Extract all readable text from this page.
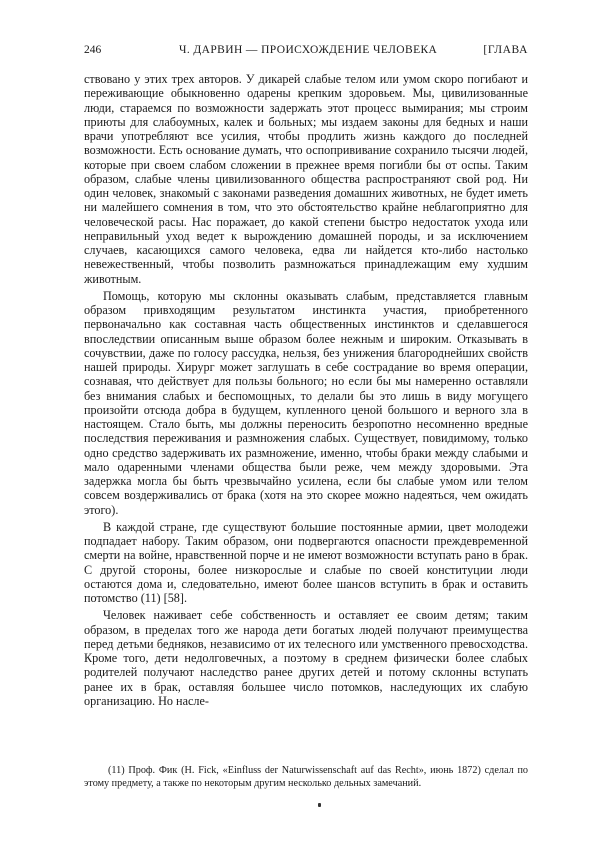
246	Ч. ДАРВИН — ПРОИСХОЖДЕНИЕ ЧЕЛОВЕКА	[ГЛАВА

ствовано у этих трех авторов. У дикарей слабые телом или умом скоро погибают и переживающие обыкновенно одарены крепким здоровьем. Мы, цивилизованные люди, стараемся по возможности задержать этот процесс вымирания; мы строим приюты для слабоумных, калек и больных; мы издаем законы для бедных и наши врачи употребляют все усилия, чтобы продлить жизнь каждого до последней возможности. Есть основание думать, что оспопрививание сохранило тысячи людей, которые при своем слабом сложении в прежнее время погибли бы от оспы. Таким образом, слабые члены цивилизованного общества распространяют свой род. Ни один человек, знакомый с законами разведения домашних животных, не будет иметь ни малейшего сомнения в том, что это обстоятельство крайне неблагоприятно для человеческой расы. Нас поражает, до какой степени быстро недостаток ухода или неправильный уход ведет к вырождению домашней породы, и за исключением случаев, касающихся самого человека, едва ли найдется кто-либо настолько невежественный, чтобы позволить размножаться принадлежащим ему худшим животным.

Помощь, которую мы склонны оказывать слабым, представляется главным образом привходящим результатом инстинкта участия, приобретенного первоначально как составная часть общественных инстинктов и сделавшегося впоследствии описанным выше образом более нежным и широким. Отказывать в сочувствии, даже по голосу рассудка, нельзя, без унижения благороднейших свойств нашей природы. Хирург может заглушать в себе сострадание во время операции, сознавая, что действует для пользы больного; но если бы мы намеренно оставляли без внимания слабых и беспомощных, то делали бы это лишь в виду могущего произойти отсюда добра в будущем, купленного ценой большого и верного зла в настоящем. Стало быть, мы должны переносить безропотно несомненно вредные последствия переживания и размножения слабых. Существует, повидимому, только одно средство задерживать их размножение, именно, чтобы браки между слабыми и мало одаренными членами общества были реже, чем между здоровыми. Эта задержка могла бы быть чрезвычайно усилена, если бы слабые умом или телом совсем воздерживались от брака (хотя на это скорее можно надеяться, чем ожидать этого).

В каждой стране, где существуют большие постоянные армии, цвет молодежи подпадает набору. Таким образом, они подвергаются опасности преждевременной смерти на войне, нравственной порче и не имеют возможности вступать рано в брак. С другой стороны, более низкорослые и слабые по своей конституции люди остаются дома и, следовательно, имеют более шансов вступить в брак и оставить потомство (11) [58].

Человек наживает себе собственность и оставляет ее своим детям; таким образом, в пределах того же народа дети богатых людей получают преимущества перед детьми бедняков, независимо от их телесного или умственного превосходства. Кроме того, дети недолговечных, а поэтому в среднем физически более слабых родителей получают наследство ранее других детей и потому склонны вступать ранее их в брак, оставляя большее число потомков, наследующих их слабую организацию. Но насле-

(11) Проф. Фик (H. Fick, «Einfluss der Naturwissenschaft auf das Recht», июнь 1872) сделал по этому предмету, а также по некоторым другим несколько дельных замечаний.
